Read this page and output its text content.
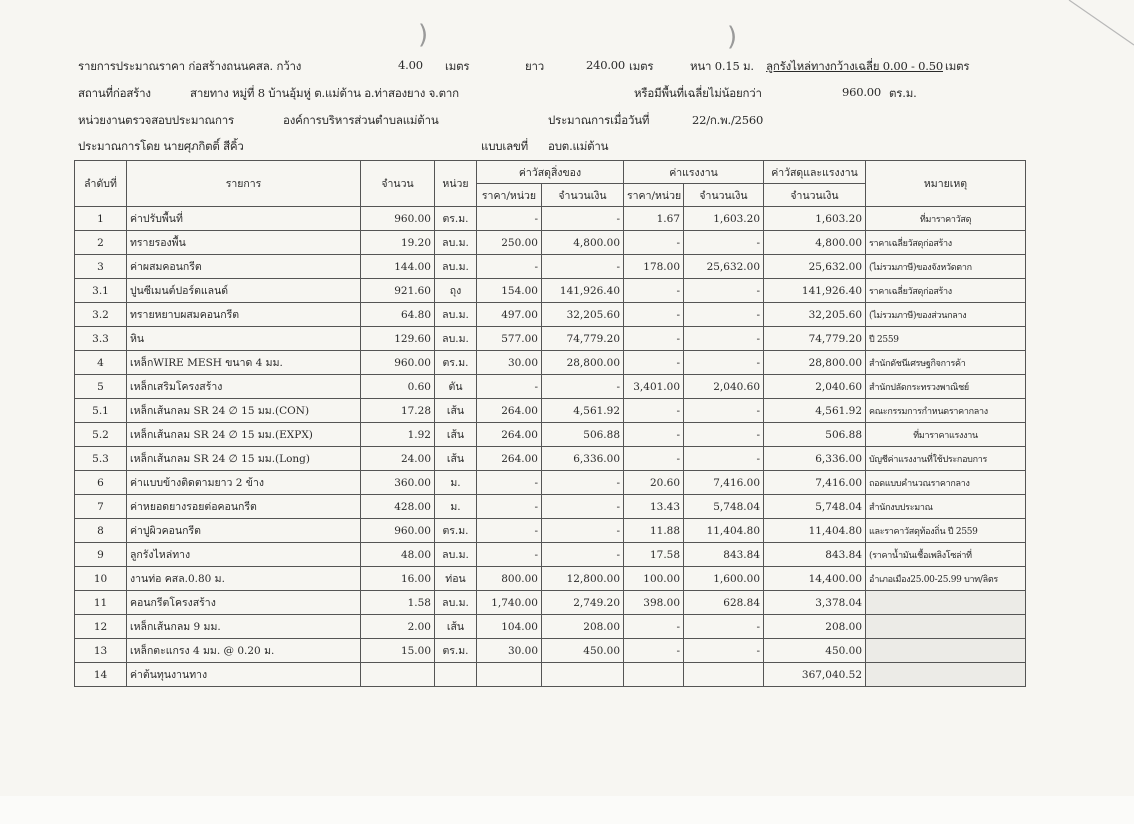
)	)
รายการประมาณราคา ก่อสร้างถนนคสล. กว้าง	4.00 เมตร	ยาว	240.00 เมตร	หนา 0.15 ม. ลูกรังไหล่ทางกว้างเฉลี่ย 0.00 - 0.50 เมตร
สถานที่ก่อสร้าง	สายทาง หมู่ที่ 8 บ้านอุ้มหู่ ต.แม่ต้าน อ.ท่าสองยาง จ.ตาก	หรือมีพื้นที่เฉลี่ยไม่น้อยกว่า	960.00 ตร.ม.
หน่วยงานตรวจสอบประมาณการ	องค์การบริหารส่วนตำบลแม่ต้าน	ประมาณการเมื่อวันที่	22/ก.พ./2560
ประมาณการโดย นายศุภกิตติ์ สีคิ้ว	แบบเลขที่ อบต.แม่ต้าน
ลำดับที่	รายการ	จำนวน	หน่วย	ค่าวัสดุสิ่งของ		ค่าแรงงาน		ค่าวัสดุและแรงงาน	หมายเหตุ
				ราคา/หน่วย	จำนวนเงิน	ราคา/หน่วย	จำนวนเงิน	จำนวนเงิน	
1	ค่าปรับพื้นที่	960.00	ตร.ม.	-	-	1.67	1,603.20	1,603.20	ที่มาราคาวัสดุ
2	ทรายรองพื้น	19.20	ลบ.ม.	250.00	4,800.00	-	-	4,800.00	ราคาเฉลี่ยวัสดุก่อสร้าง
3	ค่าผสมคอนกรีต	144.00	ลบ.ม.	-	-	178.00	25,632.00	25,632.00	(ไม่รวมภาษี)ของจังหวัดตาก
3.1	ปูนซีเมนต์ปอร์ตแลนด์	921.60	ถุง	154.00	141,926.40	-	-	141,926.40	ราคาเฉลี่ยวัสดุก่อสร้าง
3.2	ทรายหยาบผสมคอนกรีต	64.80	ลบ.ม.	497.00	32,205.60	-	-	32,205.60	(ไม่รวมภาษี)ของส่วนกลาง
3.3	หิน	129.60	ลบ.ม.	577.00	74,779.20	-	-	74,779.20	ปี 2559
4	เหล็กWIRE MESH ขนาด 4 มม.	960.00	ตร.ม.	30.00	28,800.00	-	-	28,800.00	สำนักดัชนีเศรษฐกิจการค้า
5	เหล็กเสริมโครงสร้าง	0.60	ตัน	-	-	3,401.00	2,040.60	2,040.60	สำนักปลัดกระทรวงพาณิชย์
5.1	เหล็กเส้นกลม SR 24 ∅ 15 มม.(CON)	17.28	เส้น	264.00	4,561.92	-	-	4,561.92	คณะกรรมการกำหนดราคากลาง
5.2	เหล็กเส้นกลม SR 24 ∅ 15 มม.(EXPX)	1.92	เส้น	264.00	506.88	-	-	506.88	ที่มาราคาแรงงาน
5.3	เหล็กเส้นกลม SR 24 ∅ 15 มม.(Long)	24.00	เส้น	264.00	6,336.00	-	-	6,336.00	บัญชีค่าแรงงานที่ใช้ประกอบการ
6	ค่าแบบข้างติดตามยาว 2 ข้าง	360.00	ม.	-	-	20.60	7,416.00	7,416.00	ถอดแบบคำนวณราคากลาง
7	ค่าหยอดยางรอยต่อคอนกรีต	428.00	ม.	-	-	13.43	5,748.04	5,748.04	สำนักงบประมาณ
8	ค่าปูผิวคอนกรีต	960.00	ตร.ม.	-	-	11.88	11,404.80	11,404.80	และราคาวัสดุท้องถิ่น ปี 2559
9	ลูกรังไหล่ทาง	48.00	ลบ.ม.	-	-	17.58	843.84	843.84	(ราคาน้ำมันเชื้อเพลิงโซล่าที่
10	งานท่อ คสล.0.80 ม.	16.00	ท่อน	800.00	12,800.00	100.00	1,600.00	14,400.00	อำเภอเมือง25.00-25.99 บาท/ลิตร
11	คอนกรีตโครงสร้าง	1.58	ลบ.ม.	1,740.00	2,749.20	398.00	628.84	3,378.04	
12	เหล็กเส้นกลม 9 มม.	2.00	เส้น	104.00	208.00	-	-	208.00	
13	เหล็กตะแกรง 4 มม. @ 0.20 ม.	15.00	ตร.ม.	30.00	450.00	-	-	450.00	
14	ค่าต้นทุนงานทาง							367,040.52	
